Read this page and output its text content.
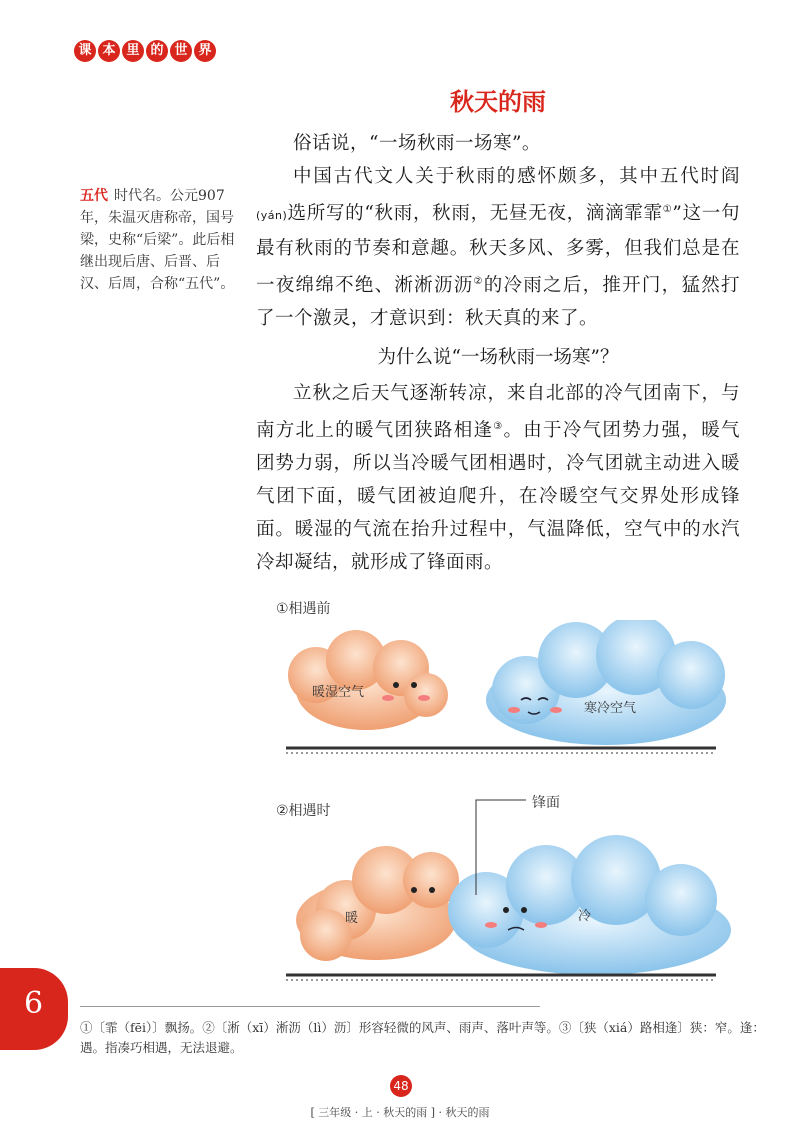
课 本 里 的 世 界
秋天的雨

俗话说，“一场秋雨一场寒”。

中国古代文人关于秋雨的感怀颇多，其中五代时阎(yán)选所写的“秋雨，秋雨，无昼无夜，滴滴霏霏①”这一句最有秋雨的节奏和意趣。秋天多风、多雾，但我们总是在一夜绵绵不绝、淅淅沥沥②的冷雨之后，推开门，猛然打了一个激灵，才意识到：秋天真的来了。

五代 时代名。公元907年，朱温灭唐称帝，国号梁，史称“后梁”。此后相继出现后唐、后晋、后汉、后周，合称“五代”。
为什么说“一场秋雨一场寒”？

立秋之后天气逐渐转凉，来自北部的冷气团南下，与南方北上的暖气团狭路相逢③。由于冷气团势力强，暖气团势力弱，所以当冷暖气团相遇时，冷气团就主动进入暖气团下面，暖气团被迫爬升，在冷暖空气交界处形成锋面。暖湿的气流在抬升过程中，气温降低，空气中的水汽冷却凝结，就形成了锋面雨。

①相遇前
暖湿空气
寒冷空气
②相遇时	锋面
暖	冷
6
①〔霏（fēi）〕飘扬。②〔淅（xī）淅沥（lì）沥〕形容轻微的风声、雨声、落叶声等。③〔狭（xiá）路相逢〕狭：窄。逢：遇。指凑巧相遇，无法退避。
48
[ 三年级 · 上 · 秋天的雨 ] · 秋天的雨
